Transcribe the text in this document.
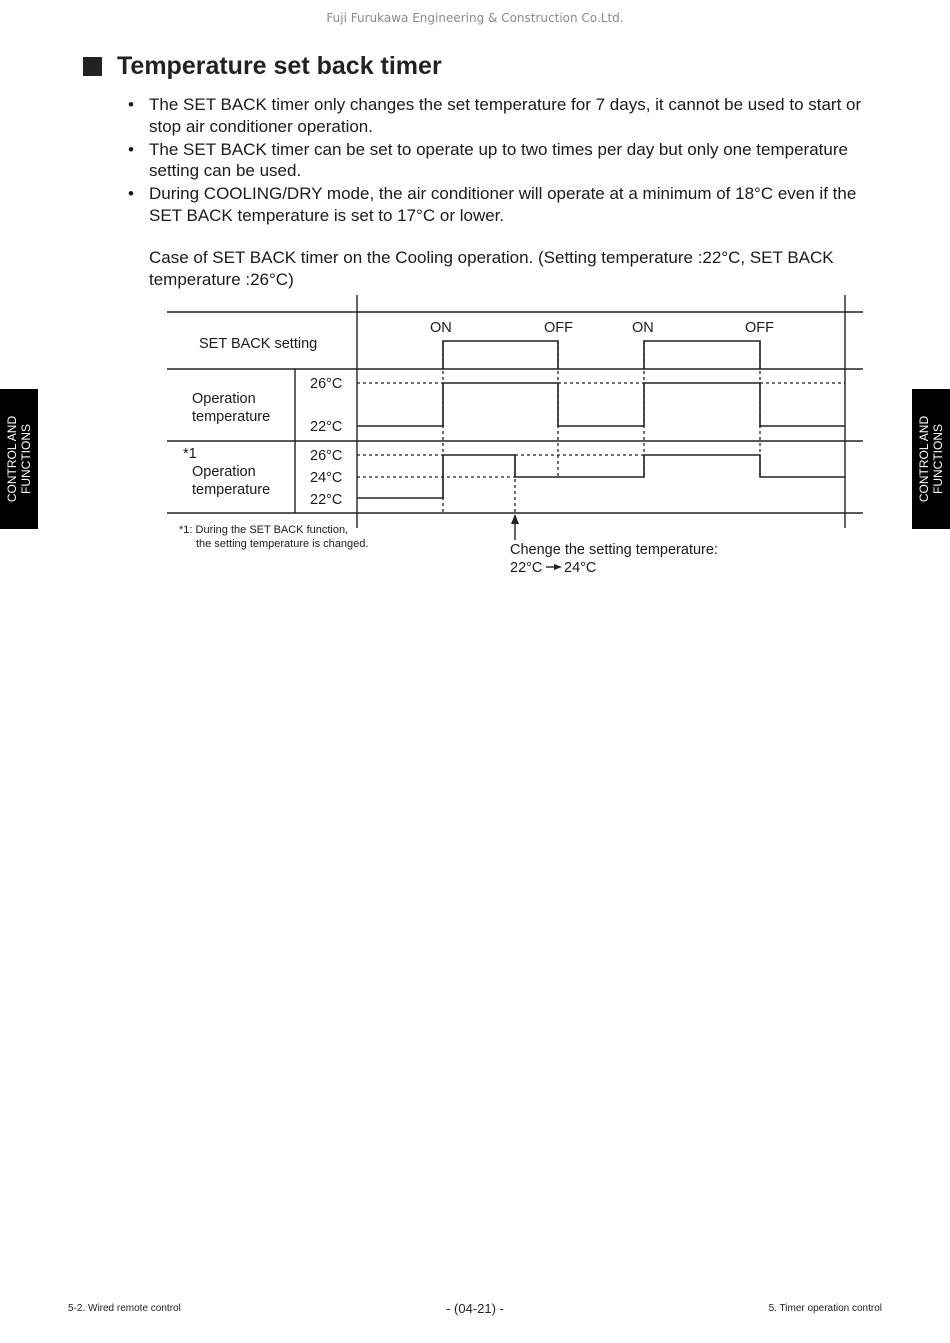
Fuji Furukawa Engineering & Construction Co.Ltd.
Temperature set back timer
• The SET BACK timer only changes the set temperature for 7 days, it cannot be used to start or stop air conditioner operation.
• The SET BACK timer can be set to operate up to two times per day but only one temperature setting can be used.
• During COOLING/DRY mode, the air conditioner will operate at a minimum of 18°C even if the SET BACK temperature is set to 17°C or lower.
Case of SET BACK timer on the Cooling operation. (Setting temperature :22°C, SET BACK temperature :26°C)
CONTROL AND
FUNCTIONS	CONTROL AND
FUNCTIONS
SET BACK setting
ON	OFF	ON	OFF
Operation
temperature
26°C
22°C
*1
Operation
temperature
26°C
24°C
22°C
Chenge the setting temperature:
22°C 24°C
*1: During the SET BACK function,
the setting temperature is changed.
5-2. Wired remote control	- (04-21) -	5. Timer operation control
